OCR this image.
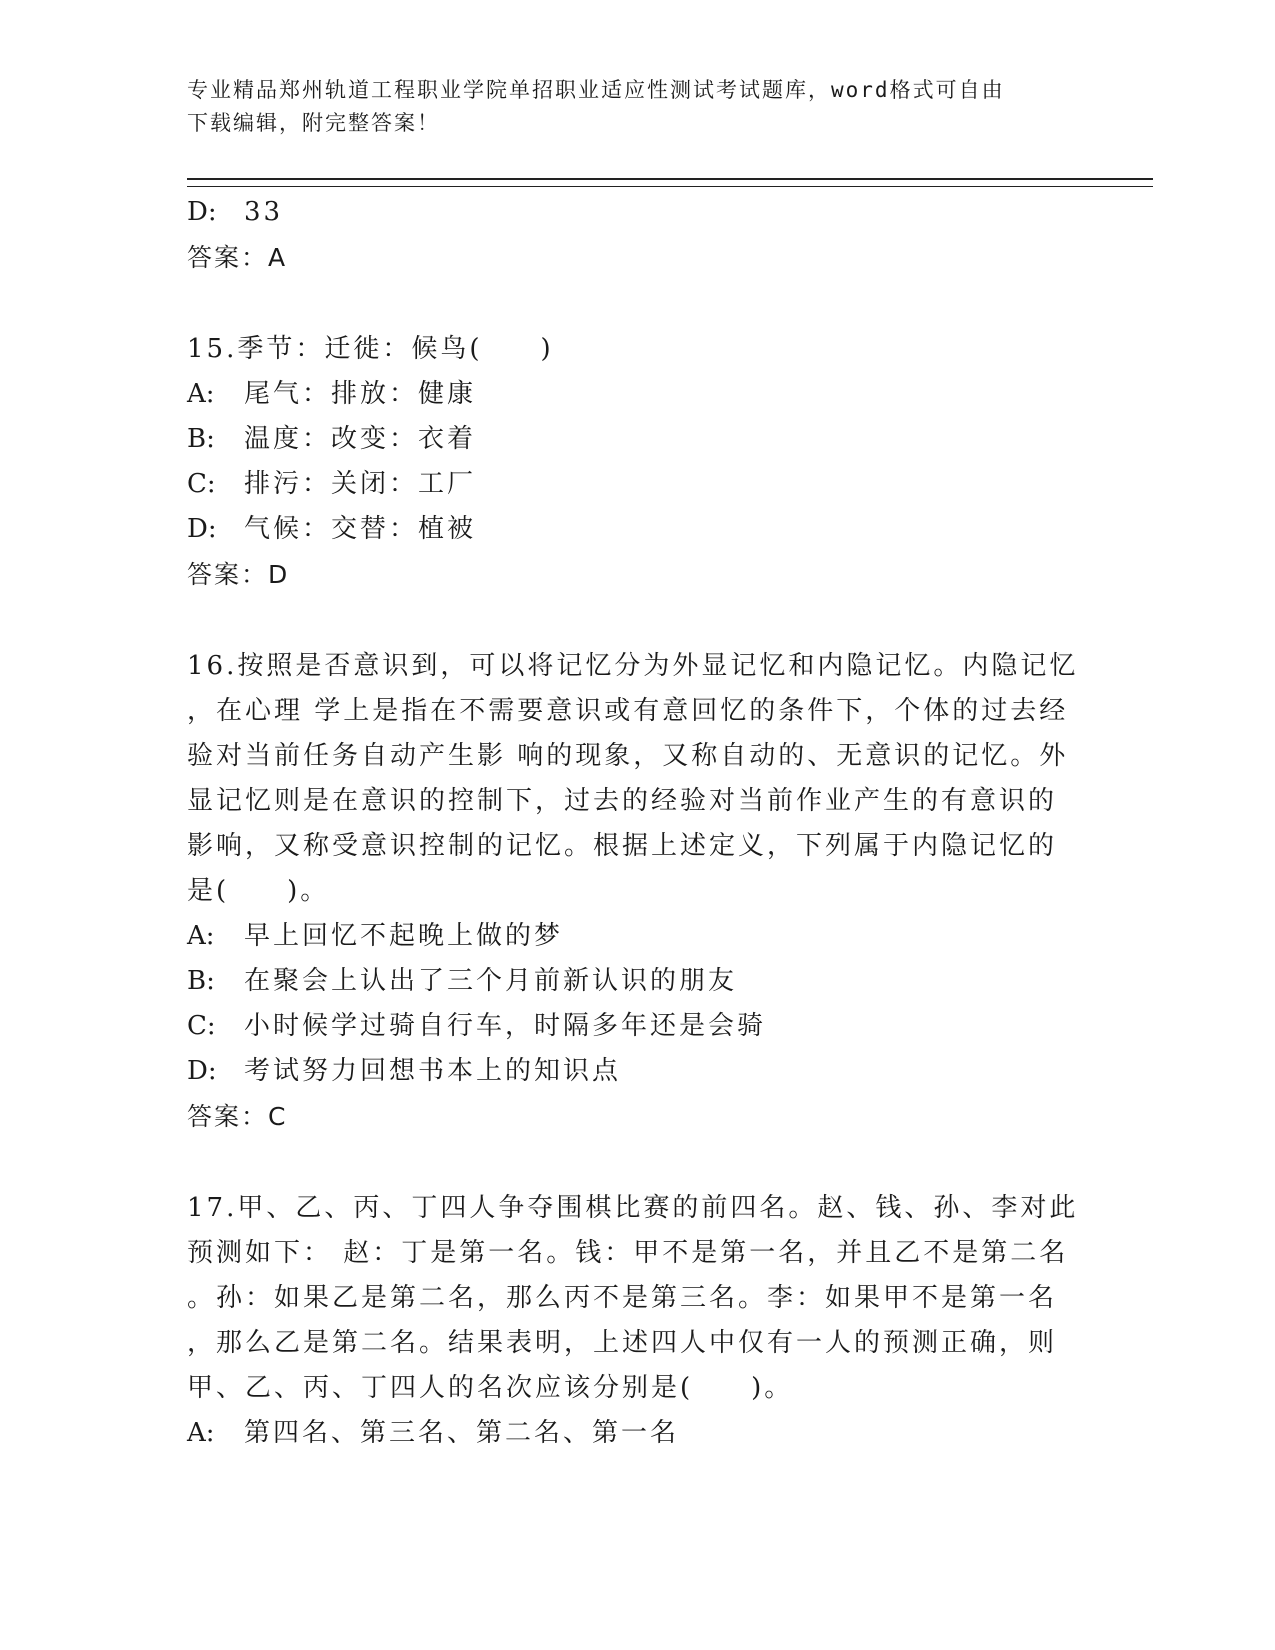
专业精品郑州轨道工程职业学院单招职业适应性测试考试题库，word格式可自由
下载编辑，附完整答案！
D: 33
答案：A
15.季节：迁徙：候鸟(　　)
A: 尾气：排放：健康
B: 温度：改变：衣着
C: 排污：关闭：工厂
D: 气候：交替：植被
答案：D
16.按照是否意识到，可以将记忆分为外显记忆和内隐记忆。内隐记忆
，在心理 学上是指在不需要意识或有意回忆的条件下，个体的过去经
验对当前任务自动产生影 响的现象，又称自动的、无意识的记忆。外
显记忆则是在意识的控制下，过去的经验对当前作业产生的有意识的
影响，又称受意识控制的记忆。根据上述定义，下列属于内隐记忆的
是(　　)。
A: 早上回忆不起晚上做的梦
B: 在聚会上认出了三个月前新认识的朋友
C: 小时候学过骑自行车，时隔多年还是会骑
D: 考试努力回想书本上的知识点
答案：C
17.甲、乙、丙、丁四人争夺围棋比赛的前四名。赵、钱、孙、李对此
预测如下： 赵：丁是第一名。钱：甲不是第一名，并且乙不是第二名
。孙：如果乙是第二名，那么丙不是第三名。李：如果甲不是第一名
，那么乙是第二名。结果表明，上述四人中仅有一人的预测正确，则
甲、乙、丙、丁四人的名次应该分别是(　　)。
A: 第四名、第三名、第二名、第一名
